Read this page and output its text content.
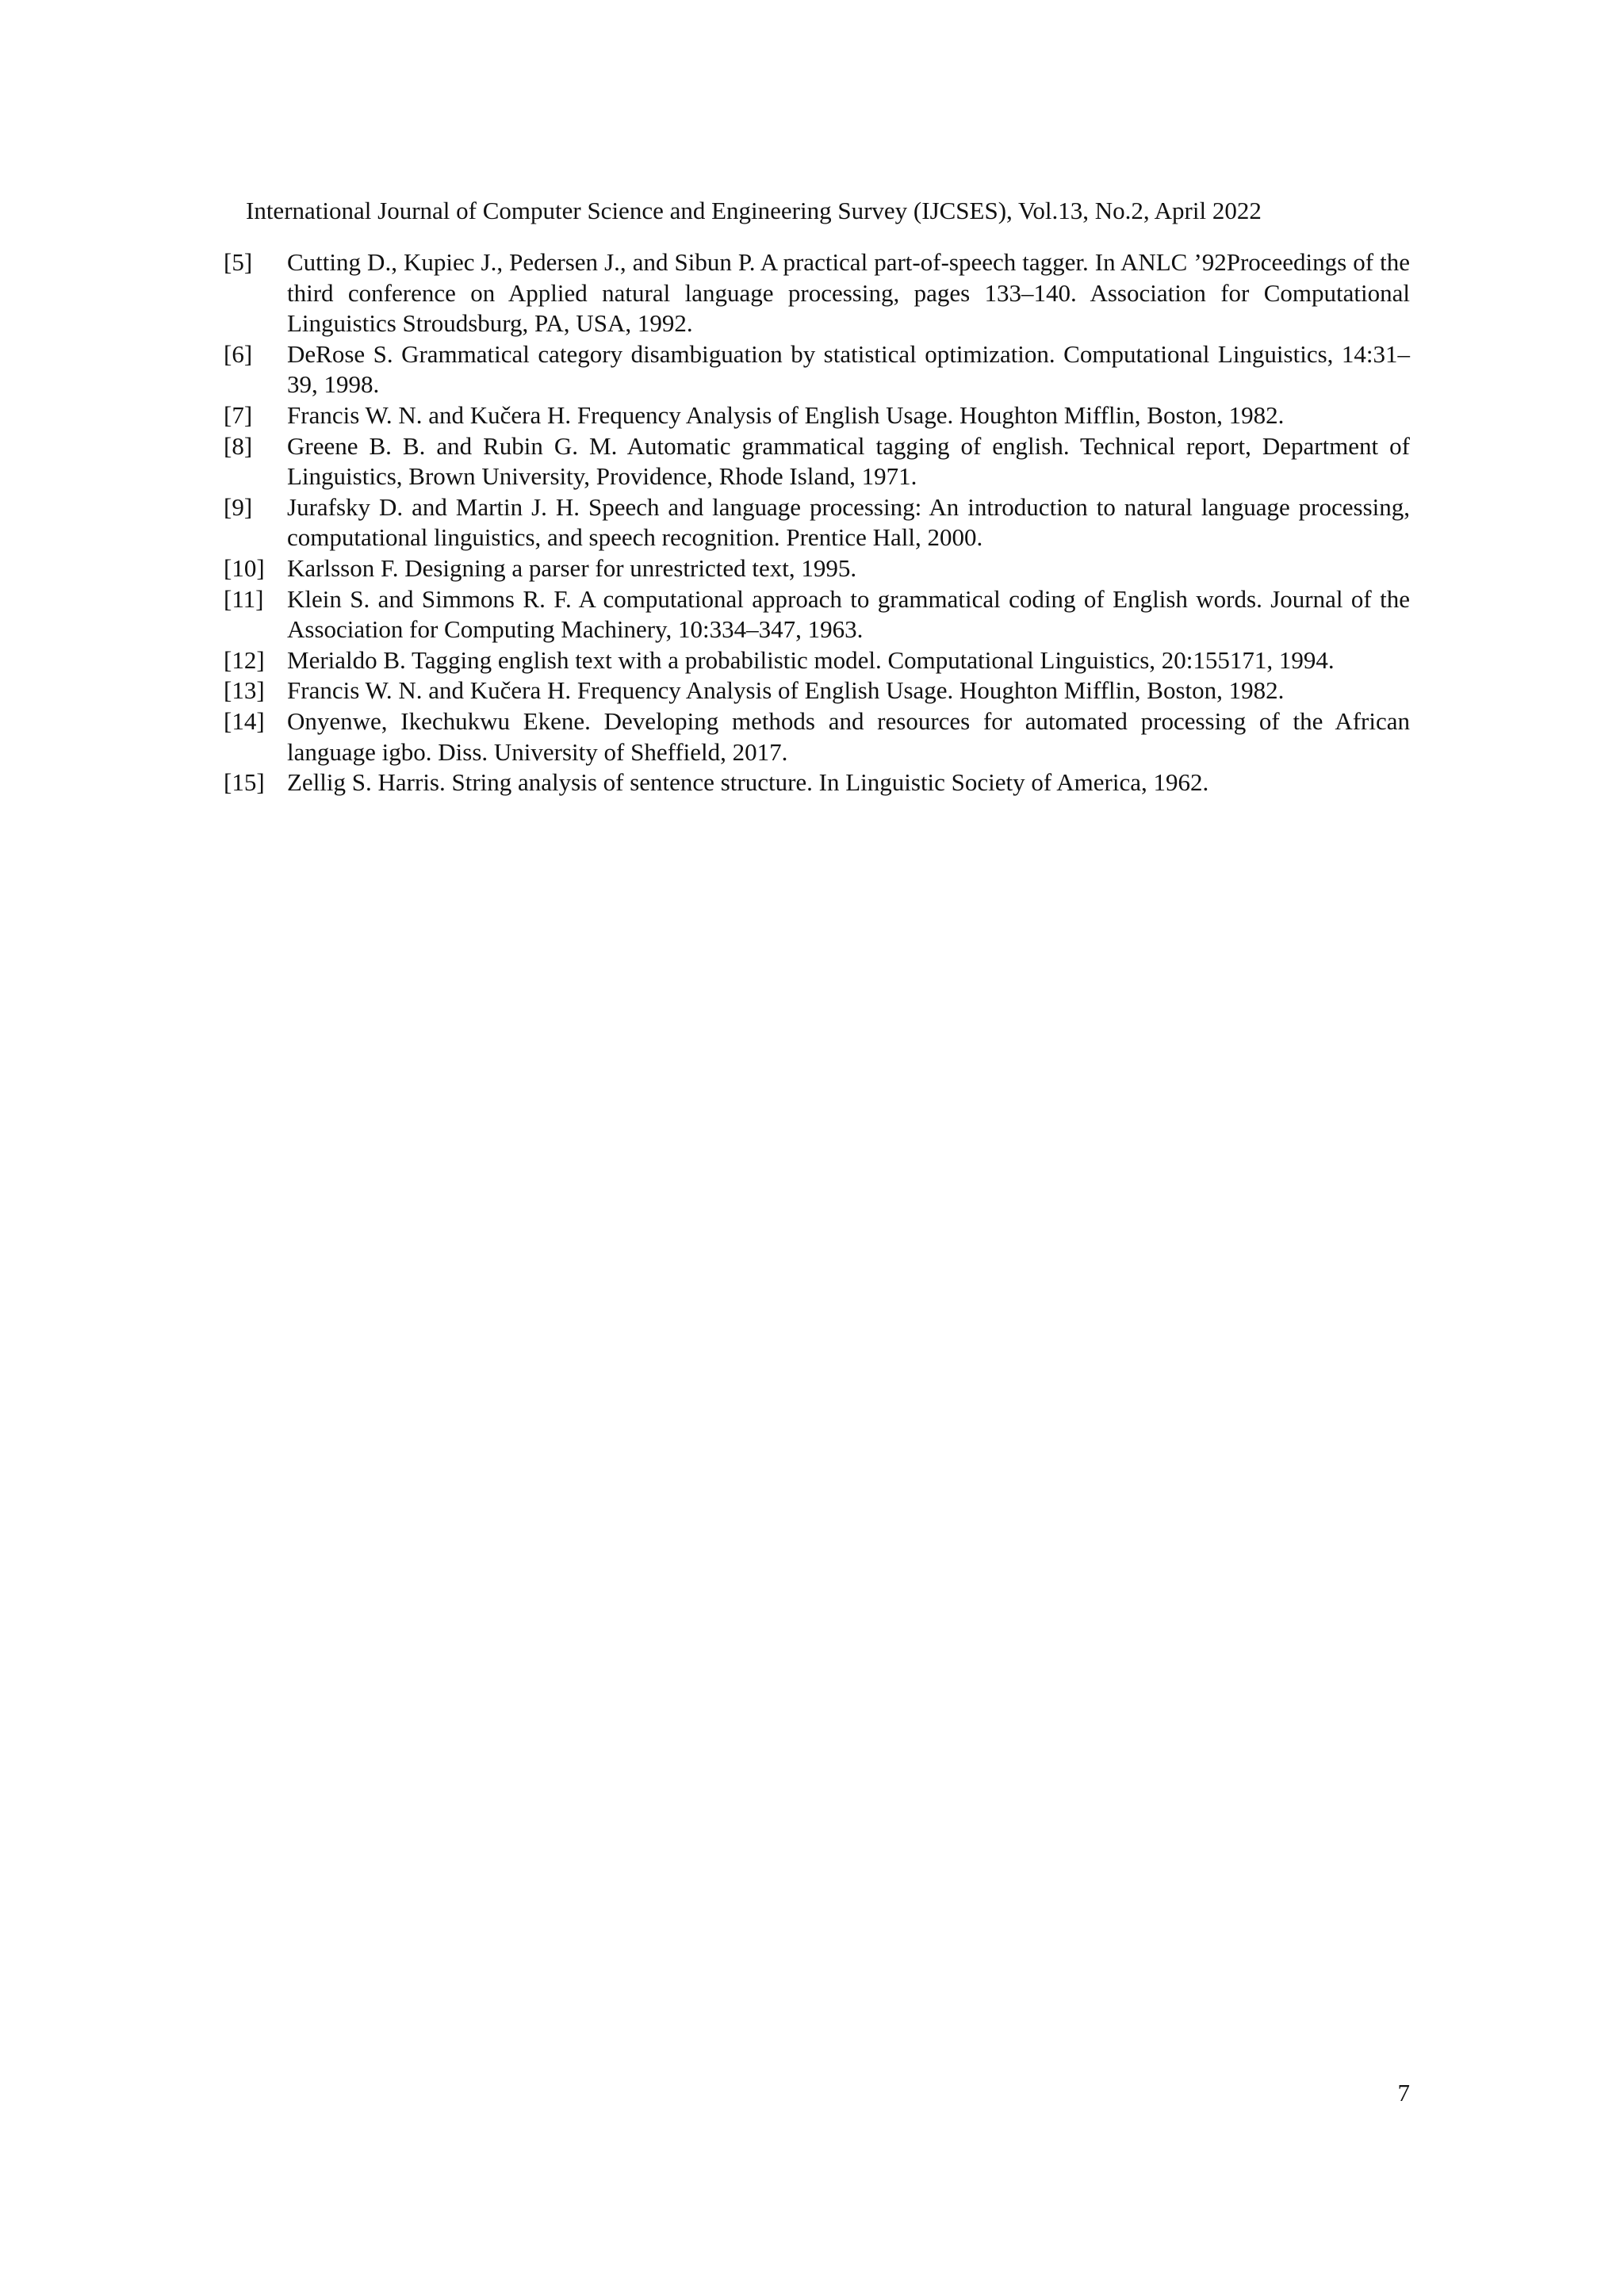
International Journal of Computer Science and Engineering Survey (IJCSES), Vol.13, No.2, April 2022
[5]	Cutting D., Kupiec J., Pedersen J., and Sibun P. A practical part-of-speech tagger. In ANLC ’92Proceedings of the third conference on Applied natural language processing, pages 133–140. Association for Computational Linguistics Stroudsburg, PA, USA, 1992.
[6]	DeRose S. Grammatical category disambiguation by statistical optimization. Computational Linguistics, 14:31–39, 1998.
[7]	Francis W. N. and Kučera H. Frequency Analysis of English Usage. Houghton Mifflin, Boston, 1982.
[8]	Greene B. B. and Rubin G. M. Automatic grammatical tagging of english. Technical report, Department of Linguistics, Brown University, Providence, Rhode Island, 1971.
[9]	Jurafsky D. and Martin J. H. Speech and language processing: An introduction to natural language processing, computational linguistics, and speech recognition. Prentice Hall, 2000.
[10] Karlsson F. Designing a parser for unrestricted text, 1995.
[11] Klein S. and Simmons R. F. A computational approach to grammatical coding of English words. Journal of the Association for Computing Machinery, 10:334–347, 1963.
[12] Merialdo B. Tagging english text with a probabilistic model. Computational Linguistics, 20:155171, 1994.
[13] Francis W. N. and Kučera H. Frequency Analysis of English Usage. Houghton Mifflin, Boston, 1982.
[14] Onyenwe, Ikechukwu Ekene. Developing methods and resources for automated processing of the African language igbo. Diss. University of Sheffield, 2017.
[15] Zellig S. Harris. String analysis of sentence structure. In Linguistic Society of America, 1962.
7
